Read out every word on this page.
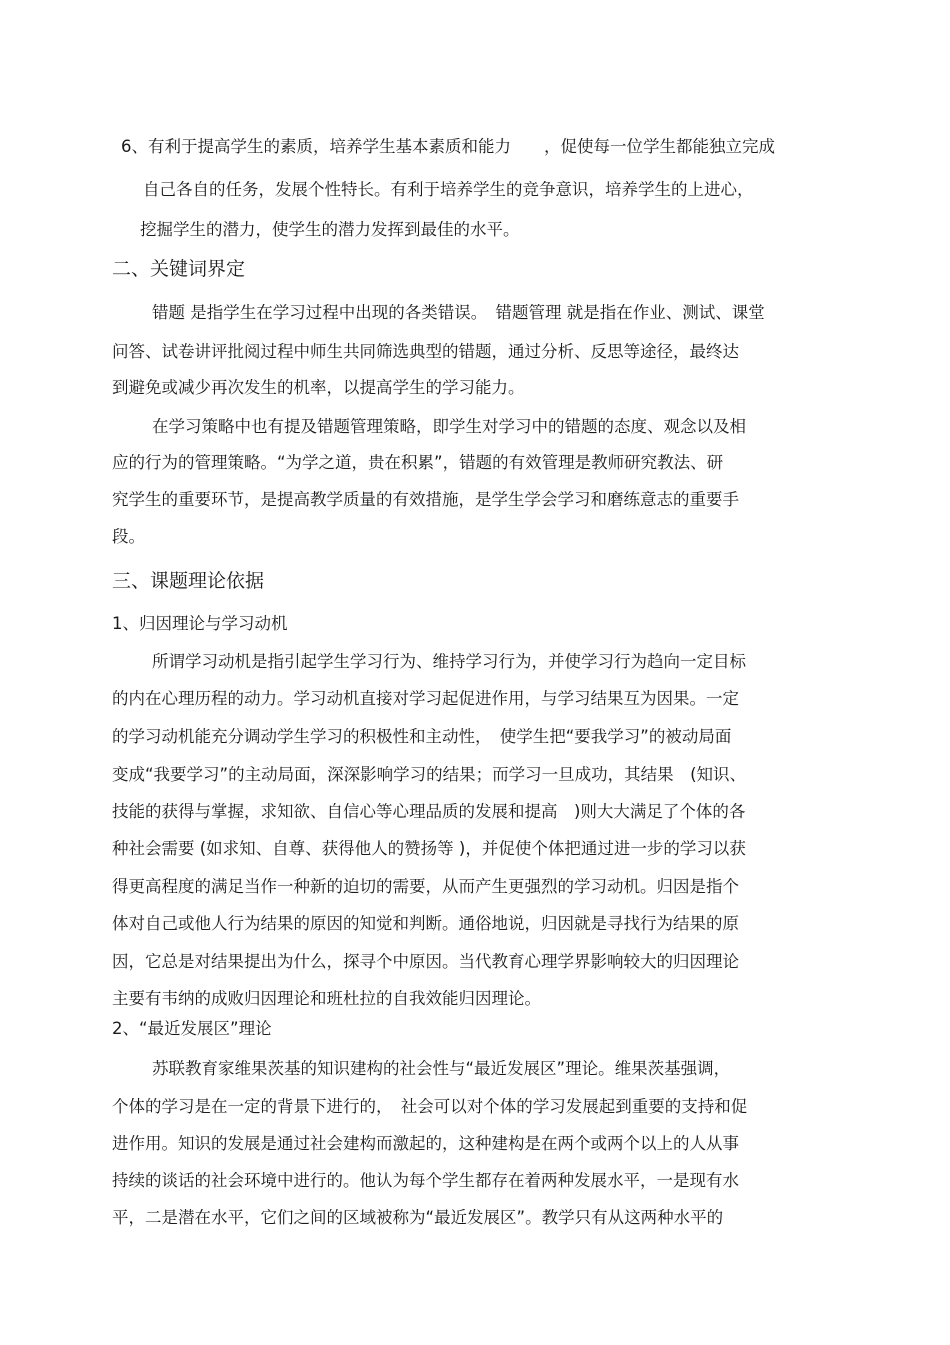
6、有利于提高学生的素质，培养学生基本素质和能力　　，促使每一位学生都能独立完成
自己各自的任务，发展个性特长。有利于培养学生的竞争意识，培养学生的上进心，
挖掘学生的潜力，使学生的潜力发挥到最佳的水平。
二、关键词界定
错题 是指学生在学习过程中出现的各类错误。　错题管理 就是指在作业、测试、课堂
问答、试卷讲评批阅过程中师生共同筛选典型的错题，通过分析、反思等途径，最终达
到避免或减少再次发生的机率，以提高学生的学习能力。
在学习策略中也有提及错题管理策略，即学生对学习中的错题的态度、观念以及相
应的行为的管理策略。“为学之道，贵在积累”，错题的有效管理是教师研究教法、研
究学生的重要环节，是提高教学质量的有效措施，是学生学会学习和磨练意志的重要手
段。
三、课题理论依据
1、归因理论与学习动机
所谓学习动机是指引起学生学习行为、维持学习行为，并使学习行为趋向一定目标
的内在心理历程的动力。学习动机直接对学习起促进作用，与学习结果互为因果。一定
的学习动机能充分调动学生学习的积极性和主动性，　使学生把“要我学习”的被动局面
变成“我要学习”的主动局面，深深影响学习的结果；而学习一旦成功，其结果　(知识、
技能的获得与掌握，求知欲、自信心等心理品质的发展和提高　)则大大满足了个体的各
种社会需要 (如求知、自尊、获得他人的赞扬等 )，并促使个体把通过进一步的学习以获
得更高程度的满足当作一种新的迫切的需要，从而产生更强烈的学习动机。归因是指个
体对自己或他人行为结果的原因的知觉和判断。通俗地说，归因就是寻找行为结果的原
因，它总是对结果提出为什么，探寻个中原因。当代教育心理学界影响较大的归因理论
主要有韦纳的成败归因理论和班杜拉的自我效能归因理论。
2、“最近发展区”理论
苏联教育家维果茨基的知识建构的社会性与“最近发展区”理论。维果茨基强调，
个体的学习是在一定的背景下进行的，　社会可以对个体的学习发展起到重要的支持和促
进作用。知识的发展是通过社会建构而激起的，这种建构是在两个或两个以上的人从事
持续的谈话的社会环境中进行的。他认为每个学生都存在着两种发展水平，一是现有水
平，二是潜在水平，它们之间的区域被称为“最近发展区”。教学只有从这两种水平的
